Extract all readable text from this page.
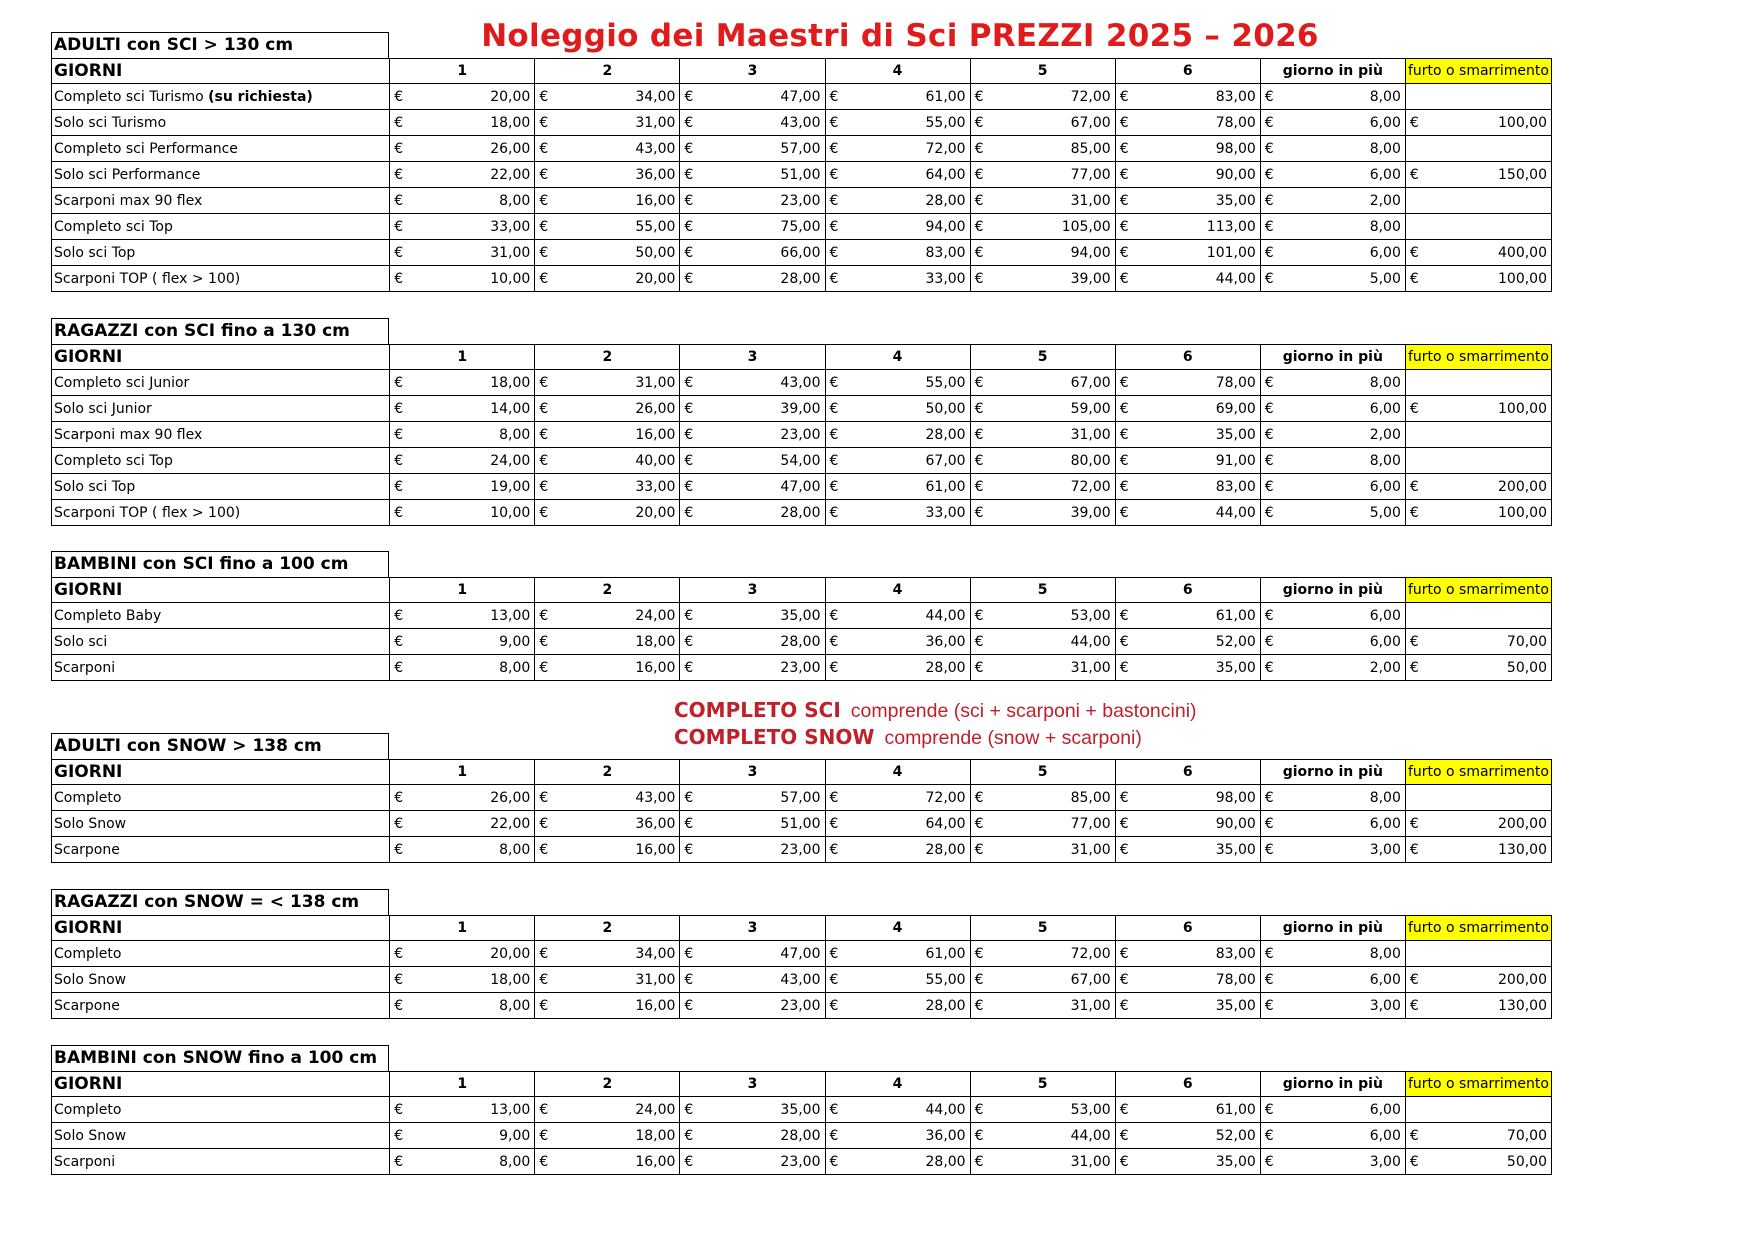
Noleggio dei Maestri di Sci PREZZI 2025 – 2026
COMPLETO SCI comprende (sci + scarponi + bastoncini)
COMPLETO SNOW comprende (snow + scarponi)
ADULTI con SCI > 130 cm
GIORNI	1	2	3	4	5	6	giorno in più	furto o smarrimento
Completo sci Turismo (su richiesta)	€ 20,00	€ 34,00	€ 47,00	€ 61,00	€ 72,00	€ 83,00	€ 8,00	

Solo sci Turismo	€ 18,00	€ 31,00	€ 43,00	€ 55,00	€ 67,00	€ 78,00	€ 6,00	€ 100,00

Completo sci Performance	€ 26,00	€ 43,00	€ 57,00	€ 72,00	€ 85,00	€ 98,00	€ 8,00	

Solo sci Performance	€ 22,00	€ 36,00	€ 51,00	€ 64,00	€ 77,00	€ 90,00	€ 6,00	€ 150,00

Scarponi max 90 flex	€ 8,00	€ 16,00	€ 23,00	€ 28,00	€ 31,00	€ 35,00	€ 2,00	

Completo sci Top	€ 33,00	€ 55,00	€ 75,00	€ 94,00	€ 105,00	€ 113,00	€ 8,00	

Solo sci Top	€ 31,00	€ 50,00	€ 66,00	€ 83,00	€ 94,00	€ 101,00	€ 6,00	€ 400,00

Scarponi TOP ( flex > 100)	€ 10,00	€ 20,00	€ 28,00	€ 33,00	€ 39,00	€ 44,00	€ 5,00	€ 100,00
RAGAZZI con SCI fino a 130 cm
GIORNI	1	2	3	4	5	6	giorno in più	furto o smarrimento
Completo sci Junior	€ 18,00	€ 31,00	€ 43,00	€ 55,00	€ 67,00	€ 78,00	€ 8,00	

Solo sci Junior	€ 14,00	€ 26,00	€ 39,00	€ 50,00	€ 59,00	€ 69,00	€ 6,00	€ 100,00

Scarponi max 90 flex	€ 8,00	€ 16,00	€ 23,00	€ 28,00	€ 31,00	€ 35,00	€ 2,00	

Completo sci Top	€ 24,00	€ 40,00	€ 54,00	€ 67,00	€ 80,00	€ 91,00	€ 8,00	

Solo sci Top	€ 19,00	€ 33,00	€ 47,00	€ 61,00	€ 72,00	€ 83,00	€ 6,00	€ 200,00

Scarponi TOP ( flex > 100)	€ 10,00	€ 20,00	€ 28,00	€ 33,00	€ 39,00	€ 44,00	€ 5,00	€ 100,00
BAMBINI con SCI fino a 100 cm
GIORNI	1	2	3	4	5	6	giorno in più	furto o smarrimento
Completo Baby	€ 13,00	€ 24,00	€ 35,00	€ 44,00	€ 53,00	€ 61,00	€ 6,00	

Solo sci	€ 9,00	€ 18,00	€ 28,00	€ 36,00	€ 44,00	€ 52,00	€ 6,00	€ 70,00

Scarponi	€ 8,00	€ 16,00	€ 23,00	€ 28,00	€ 31,00	€ 35,00	€ 2,00	€ 50,00
ADULTI con SNOW > 138 cm
GIORNI	1	2	3	4	5	6	giorno in più	furto o smarrimento
Completo	€ 26,00	€ 43,00	€ 57,00	€ 72,00	€ 85,00	€ 98,00	€ 8,00	

Solo Snow	€ 22,00	€ 36,00	€ 51,00	€ 64,00	€ 77,00	€ 90,00	€ 6,00	€ 200,00

Scarpone	€ 8,00	€ 16,00	€ 23,00	€ 28,00	€ 31,00	€ 35,00	€ 3,00	€ 130,00
RAGAZZI con SNOW = < 138 cm
GIORNI	1	2	3	4	5	6	giorno in più	furto o smarrimento
Completo	€ 20,00	€ 34,00	€ 47,00	€ 61,00	€ 72,00	€ 83,00	€ 8,00	

Solo Snow	€ 18,00	€ 31,00	€ 43,00	€ 55,00	€ 67,00	€ 78,00	€ 6,00	€ 200,00

Scarpone	€ 8,00	€ 16,00	€ 23,00	€ 28,00	€ 31,00	€ 35,00	€ 3,00	€ 130,00
BAMBINI con SNOW fino a 100 cm
GIORNI	1	2	3	4	5	6	giorno in più	furto o smarrimento
Completo	€ 13,00	€ 24,00	€ 35,00	€ 44,00	€ 53,00	€ 61,00	€ 6,00	

Solo Snow	€ 9,00	€ 18,00	€ 28,00	€ 36,00	€ 44,00	€ 52,00	€ 6,00	€ 70,00

Scarponi	€ 8,00	€ 16,00	€ 23,00	€ 28,00	€ 31,00	€ 35,00	€ 3,00	€ 50,00
